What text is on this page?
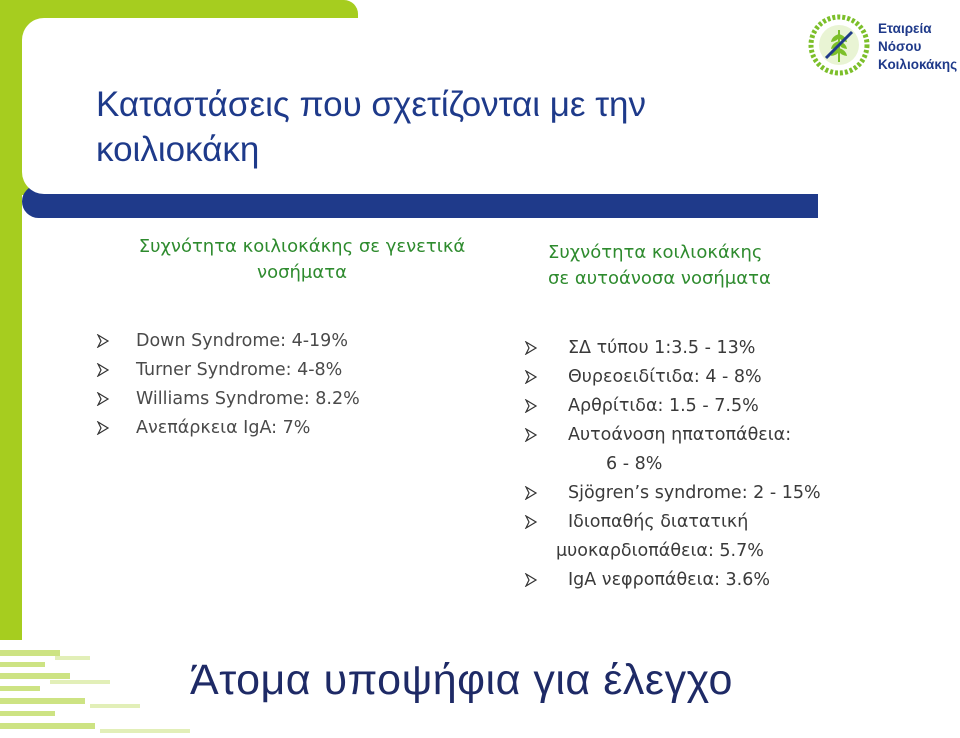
Καταστάσεις που σχετίζονται με την κοιλιοκάκη
Εταιρεία
Νόσου
Κοιλιοκάκης
Συχνότητα κοιλιοκάκης σε γενετικά
νοσήματα
Down Syndrome: 4-19%
Turner Syndrome: 4-8%
Williams Syndrome: 8.2%
Ανεπάρκεια IgA: 7%
Συχνότητα κοιλιοκάκης
σε αυτοάνοσα νοσήματα
ΣΔ τύπου 1:3.5 - 13%
Θυρεοειδίτιδα: 4 - 8%
Αρθρίτιδα: 1.5 - 7.5%
Αυτοάνοση ηπατοπάθεια:
6 - 8%
Sjögren’s syndrome: 2 - 15%
Ιδιοπαθής διατατική
μυοκαρδιοπάθεια: 5.7%
IgA νεφροπάθεια: 3.6%
Άτομα υποψήφια για έλεγχο
